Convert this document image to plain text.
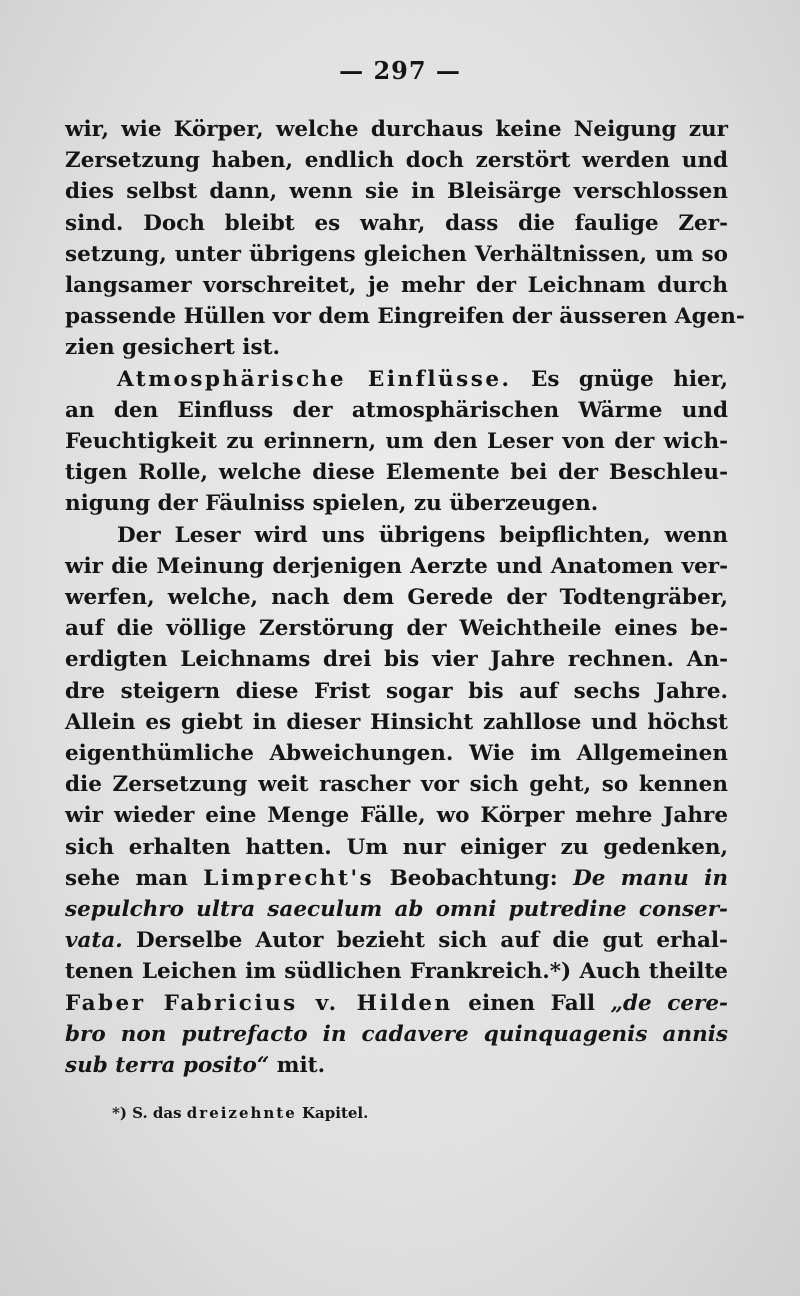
— 297 —
wir, wie Körper, welche durchaus keine Neigung zur
Zersetzung haben, endlich doch zerstört werden und
dies selbst dann, wenn sie in Bleisärge verschlossen
sind. Doch bleibt es wahr, dass die faulige Zer-
setzung, unter übrigens gleichen Verhältnissen, um so
langsamer vorschreitet, je mehr der Leichnam durch
passende Hüllen vor dem Eingreifen der äusseren Agen-
zien gesichert ist.
Atmosphärische Einflüsse. Es gnüge hier,
an den Einfluss der atmosphärischen Wärme und
Feuchtigkeit zu erinnern, um den Leser von der wich-
tigen Rolle, welche diese Elemente bei der Beschleu-
nigung der Fäulniss spielen, zu überzeugen.
Der Leser wird uns übrigens beipflichten, wenn
wir die Meinung derjenigen Aerzte und Anatomen ver-
werfen, welche, nach dem Gerede der Todtengräber,
auf die völlige Zerstörung der Weichtheile eines be-
erdigten Leichnams drei bis vier Jahre rechnen. An-
dre steigern diese Frist sogar bis auf sechs Jahre.
Allein es giebt in dieser Hinsicht zahllose und höchst
eigenthümliche Abweichungen. Wie im Allgemeinen
die Zersetzung weit rascher vor sich geht, so kennen
wir wieder eine Menge Fälle, wo Körper mehre Jahre
sich erhalten hatten. Um nur einiger zu gedenken,
sehe man Limprecht's Beobachtung: De manu in
sepulchro ultra saeculum ab omni putredine conser-
vata. Derselbe Autor bezieht sich auf die gut erhal-
tenen Leichen im südlichen Frankreich.*) Auch theilte
Faber Fabricius v. Hilden einen Fall „de cere-
bro non putrefacto in cadavere quinquagenis annis
sub terra posito“ mit.
*) S. das dreizehnte Kapitel.
